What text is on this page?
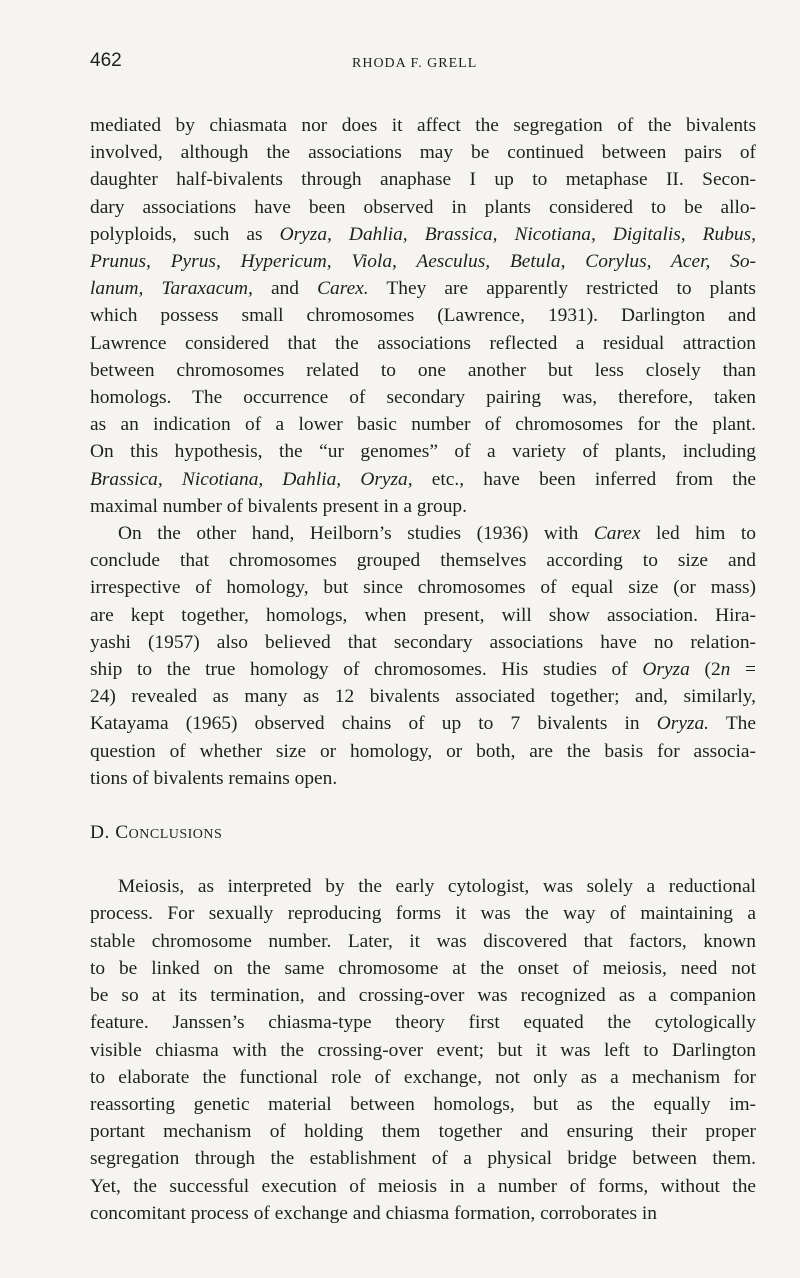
462	RHODA F. GRELL
mediated by chiasmata nor does it affect the segregation of the bivalents
involved, although the associations may be continued between pairs of
daughter half-bivalents through anaphase I up to metaphase II. Secon-
dary associations have been observed in plants considered to be allo-
polyploids, such as Oryza, Dahlia, Brassica, Nicotiana, Digitalis, Rubus,
Prunus, Pyrus, Hypericum, Viola, Aesculus, Betula, Corylus, Acer, So-
lanum, Taraxacum, and Carex. They are apparently restricted to plants
which possess small chromosomes (Lawrence, 1931). Darlington and
Lawrence considered that the associations reflected a residual attraction
between chromosomes related to one another but less closely than
homologs. The occurrence of secondary pairing was, therefore, taken
as an indication of a lower basic number of chromosomes for the plant.
On this hypothesis, the “ur genomes” of a variety of plants, including
Brassica, Nicotiana, Dahlia, Oryza, etc., have been inferred from the
maximal number of bivalents present in a group.
On the other hand, Heilborn’s studies (1936) with Carex led him to
conclude that chromosomes grouped themselves according to size and
irrespective of homology, but since chromosomes of equal size (or mass)
are kept together, homologs, when present, will show association. Hira-
yashi (1957) also believed that secondary associations have no relation-
ship to the true homology of chromosomes. His studies of Oryza (2n =
24) revealed as many as 12 bivalents associated together; and, similarly,
Katayama (1965) observed chains of up to 7 bivalents in Oryza. The
question of whether size or homology, or both, are the basis for associa-
tions of bivalents remains open.
D. Conclusions
Meiosis, as interpreted by the early cytologist, was solely a reductional
process. For sexually reproducing forms it was the way of maintaining a
stable chromosome number. Later, it was discovered that factors, known
to be linked on the same chromosome at the onset of meiosis, need not
be so at its termination, and crossing-over was recognized as a companion
feature. Janssen’s chiasma-type theory first equated the cytologically
visible chiasma with the crossing-over event; but it was left to Darlington
to elaborate the functional role of exchange, not only as a mechanism for
reassorting genetic material between homologs, but as the equally im-
portant mechanism of holding them together and ensuring their proper
segregation through the establishment of a physical bridge between them.
Yet, the successful execution of meiosis in a number of forms, without the
concomitant process of exchange and chiasma formation, corroborates in
